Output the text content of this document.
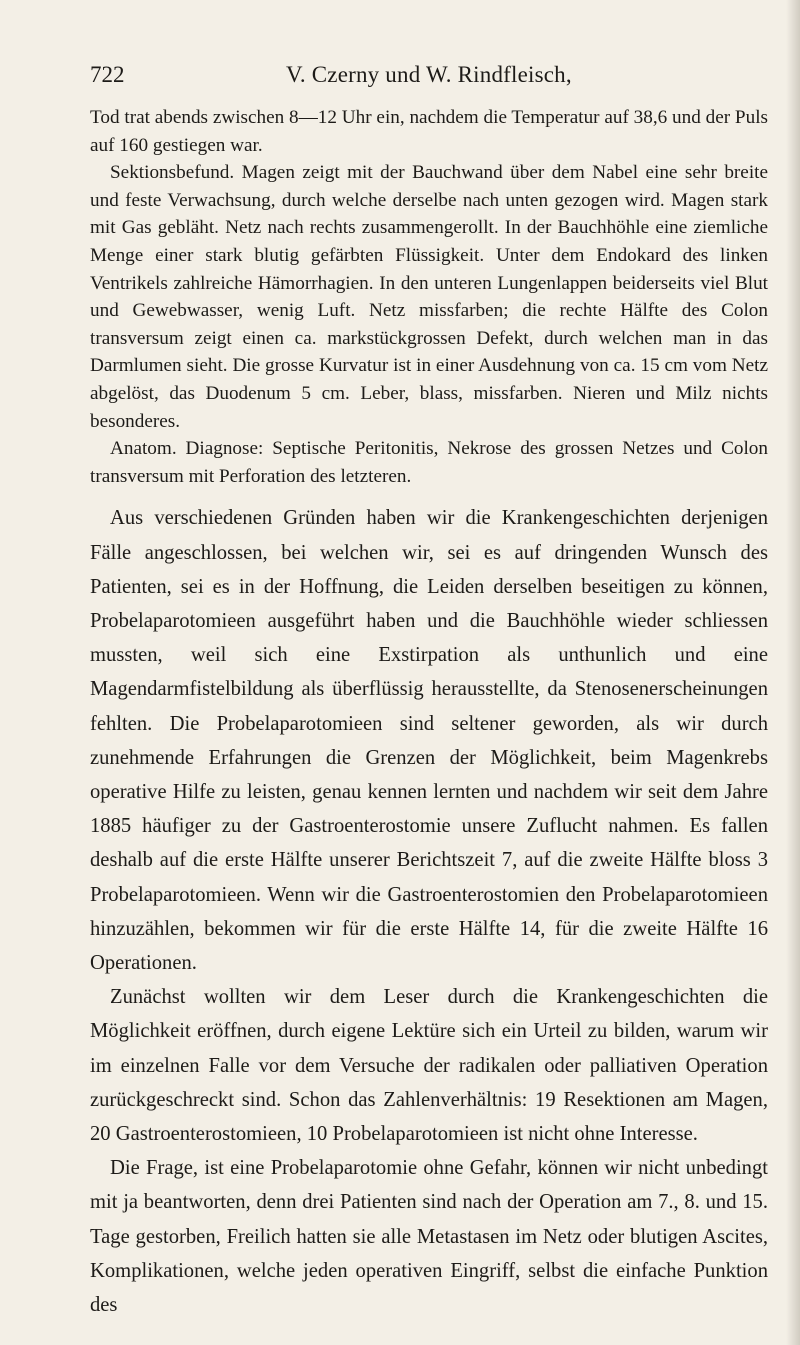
722	V. Czerny und W. Rindfleisch,

Tod trat abends zwischen 8—12 Uhr ein, nachdem die Temperatur auf 38,6 und der Puls auf 160 gestiegen war.

Sektionsbefund. Magen zeigt mit der Bauchwand über dem Nabel eine sehr breite und feste Verwachsung, durch welche derselbe nach unten gezogen wird. Magen stark mit Gas gebläht. Netz nach rechts zusammengerollt. In der Bauchhöhle eine ziemliche Menge einer stark blutig gefärbten Flüssigkeit. Unter dem Endokard des linken Ventrikels zahlreiche Hämorrhagien. In den unteren Lungenlappen beiderseits viel Blut und Gewebwasser, wenig Luft. Netz missfarben; die rechte Hälfte des Colon transversum zeigt einen ca. markstückgrossen Defekt, durch welchen man in das Darmlumen sieht. Die grosse Kurvatur ist in einer Ausdehnung von ca. 15 cm vom Netz abgelöst, das Duodenum 5 cm. Leber, blass, missfarben. Nieren und Milz nichts besonderes.

Anatom. Diagnose: Septische Peritonitis, Nekrose des grossen Netzes und Colon transversum mit Perforation des letzteren.

Aus verschiedenen Gründen haben wir die Krankengeschichten derjenigen Fälle angeschlossen, bei welchen wir, sei es auf dringenden Wunsch des Patienten, sei es in der Hoffnung, die Leiden derselben beseitigen zu können, Probelaparotomieen ausgeführt haben und die Bauchhöhle wieder schliessen mussten, weil sich eine Exstirpation als unthunlich und eine Magendarmfistelbildung als überflüssig herausstellte, da Stenosenerscheinungen fehlten. Die Probelaparotomieen sind seltener geworden, als wir durch zunehmende Erfahrungen die Grenzen der Möglichkeit, beim Magenkrebs operative Hilfe zu leisten, genau kennen lernten und nachdem wir seit dem Jahre 1885 häufiger zu der Gastroenterostomie unsere Zuflucht nahmen. Es fallen deshalb auf die erste Hälfte unserer Berichtszeit 7, auf die zweite Hälfte bloss 3 Probelaparotomieen. Wenn wir die Gastroenterostomien den Probelaparotomieen hinzuzählen, bekommen wir für die erste Hälfte 14, für die zweite Hälfte 16 Operationen.

Zunächst wollten wir dem Leser durch die Krankengeschichten die Möglichkeit eröffnen, durch eigene Lektüre sich ein Urteil zu bilden, warum wir im einzelnen Falle vor dem Versuche der radikalen oder palliativen Operation zurückgeschreckt sind. Schon das Zahlenverhältnis: 19 Resektionen am Magen, 20 Gastroenterostomieen, 10 Probelaparotomieen ist nicht ohne Interesse.

Die Frage, ist eine Probelaparotomie ohne Gefahr, können wir nicht unbedingt mit ja beantworten, denn drei Patienten sind nach der Operation am 7., 8. und 15. Tage gestorben, Freilich hatten sie alle Metastasen im Netz oder blutigen Ascites, Komplikationen, welche jeden operativen Eingriff, selbst die einfache Punktion des
